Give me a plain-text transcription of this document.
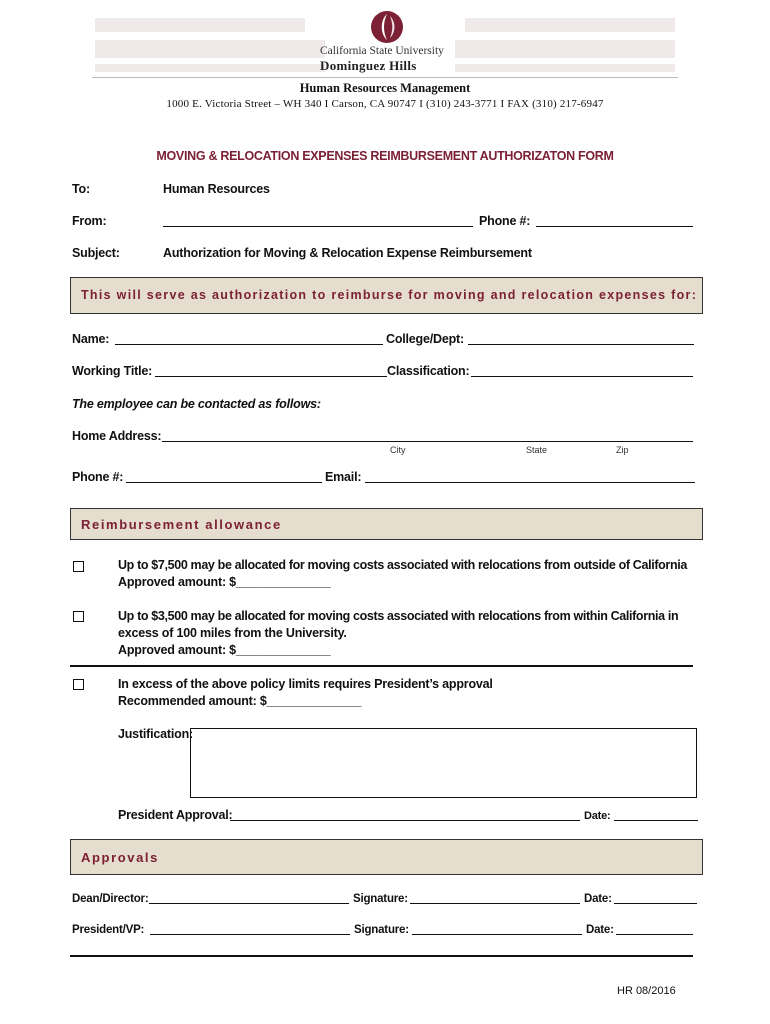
California State University
Dominguez Hills
Human Resources Management
1000 E. Victoria Street – WH 340 I Carson, CA 90747 I (310) 243-3771 I FAX (310) 217-6947
MOVING & RELOCATION EXPENSES REIMBURSEMENT AUTHORIZATON FORM
To:	Human Resources
From:	Phone #:
Subject:	Authorization for Moving & Relocation Expense Reimbursement
This will serve as authorization to reimburse for moving and relocation expenses for:
Name:	College/Dept:
Working Title:	Classification:
The employee can be contacted as follows:
Home Address:
City	State	Zip
Phone #:	Email:
Reimbursement allowance
Up to $7,500 may be allocated for moving costs associated with relocations from outside of California
Approved amount: $______________
Up to $3,500 may be allocated for moving costs associated with relocations from within California in
excess of 100 miles from the University.
Approved amount: $______________
In excess of the above policy limits requires President’s approval
Recommended amount: $______________
Justification:
President Approval:	Date:
Approvals
Dean/Director:	Signature:	Date:
President/VP:	Signature:	Date:
HR 08/2016
